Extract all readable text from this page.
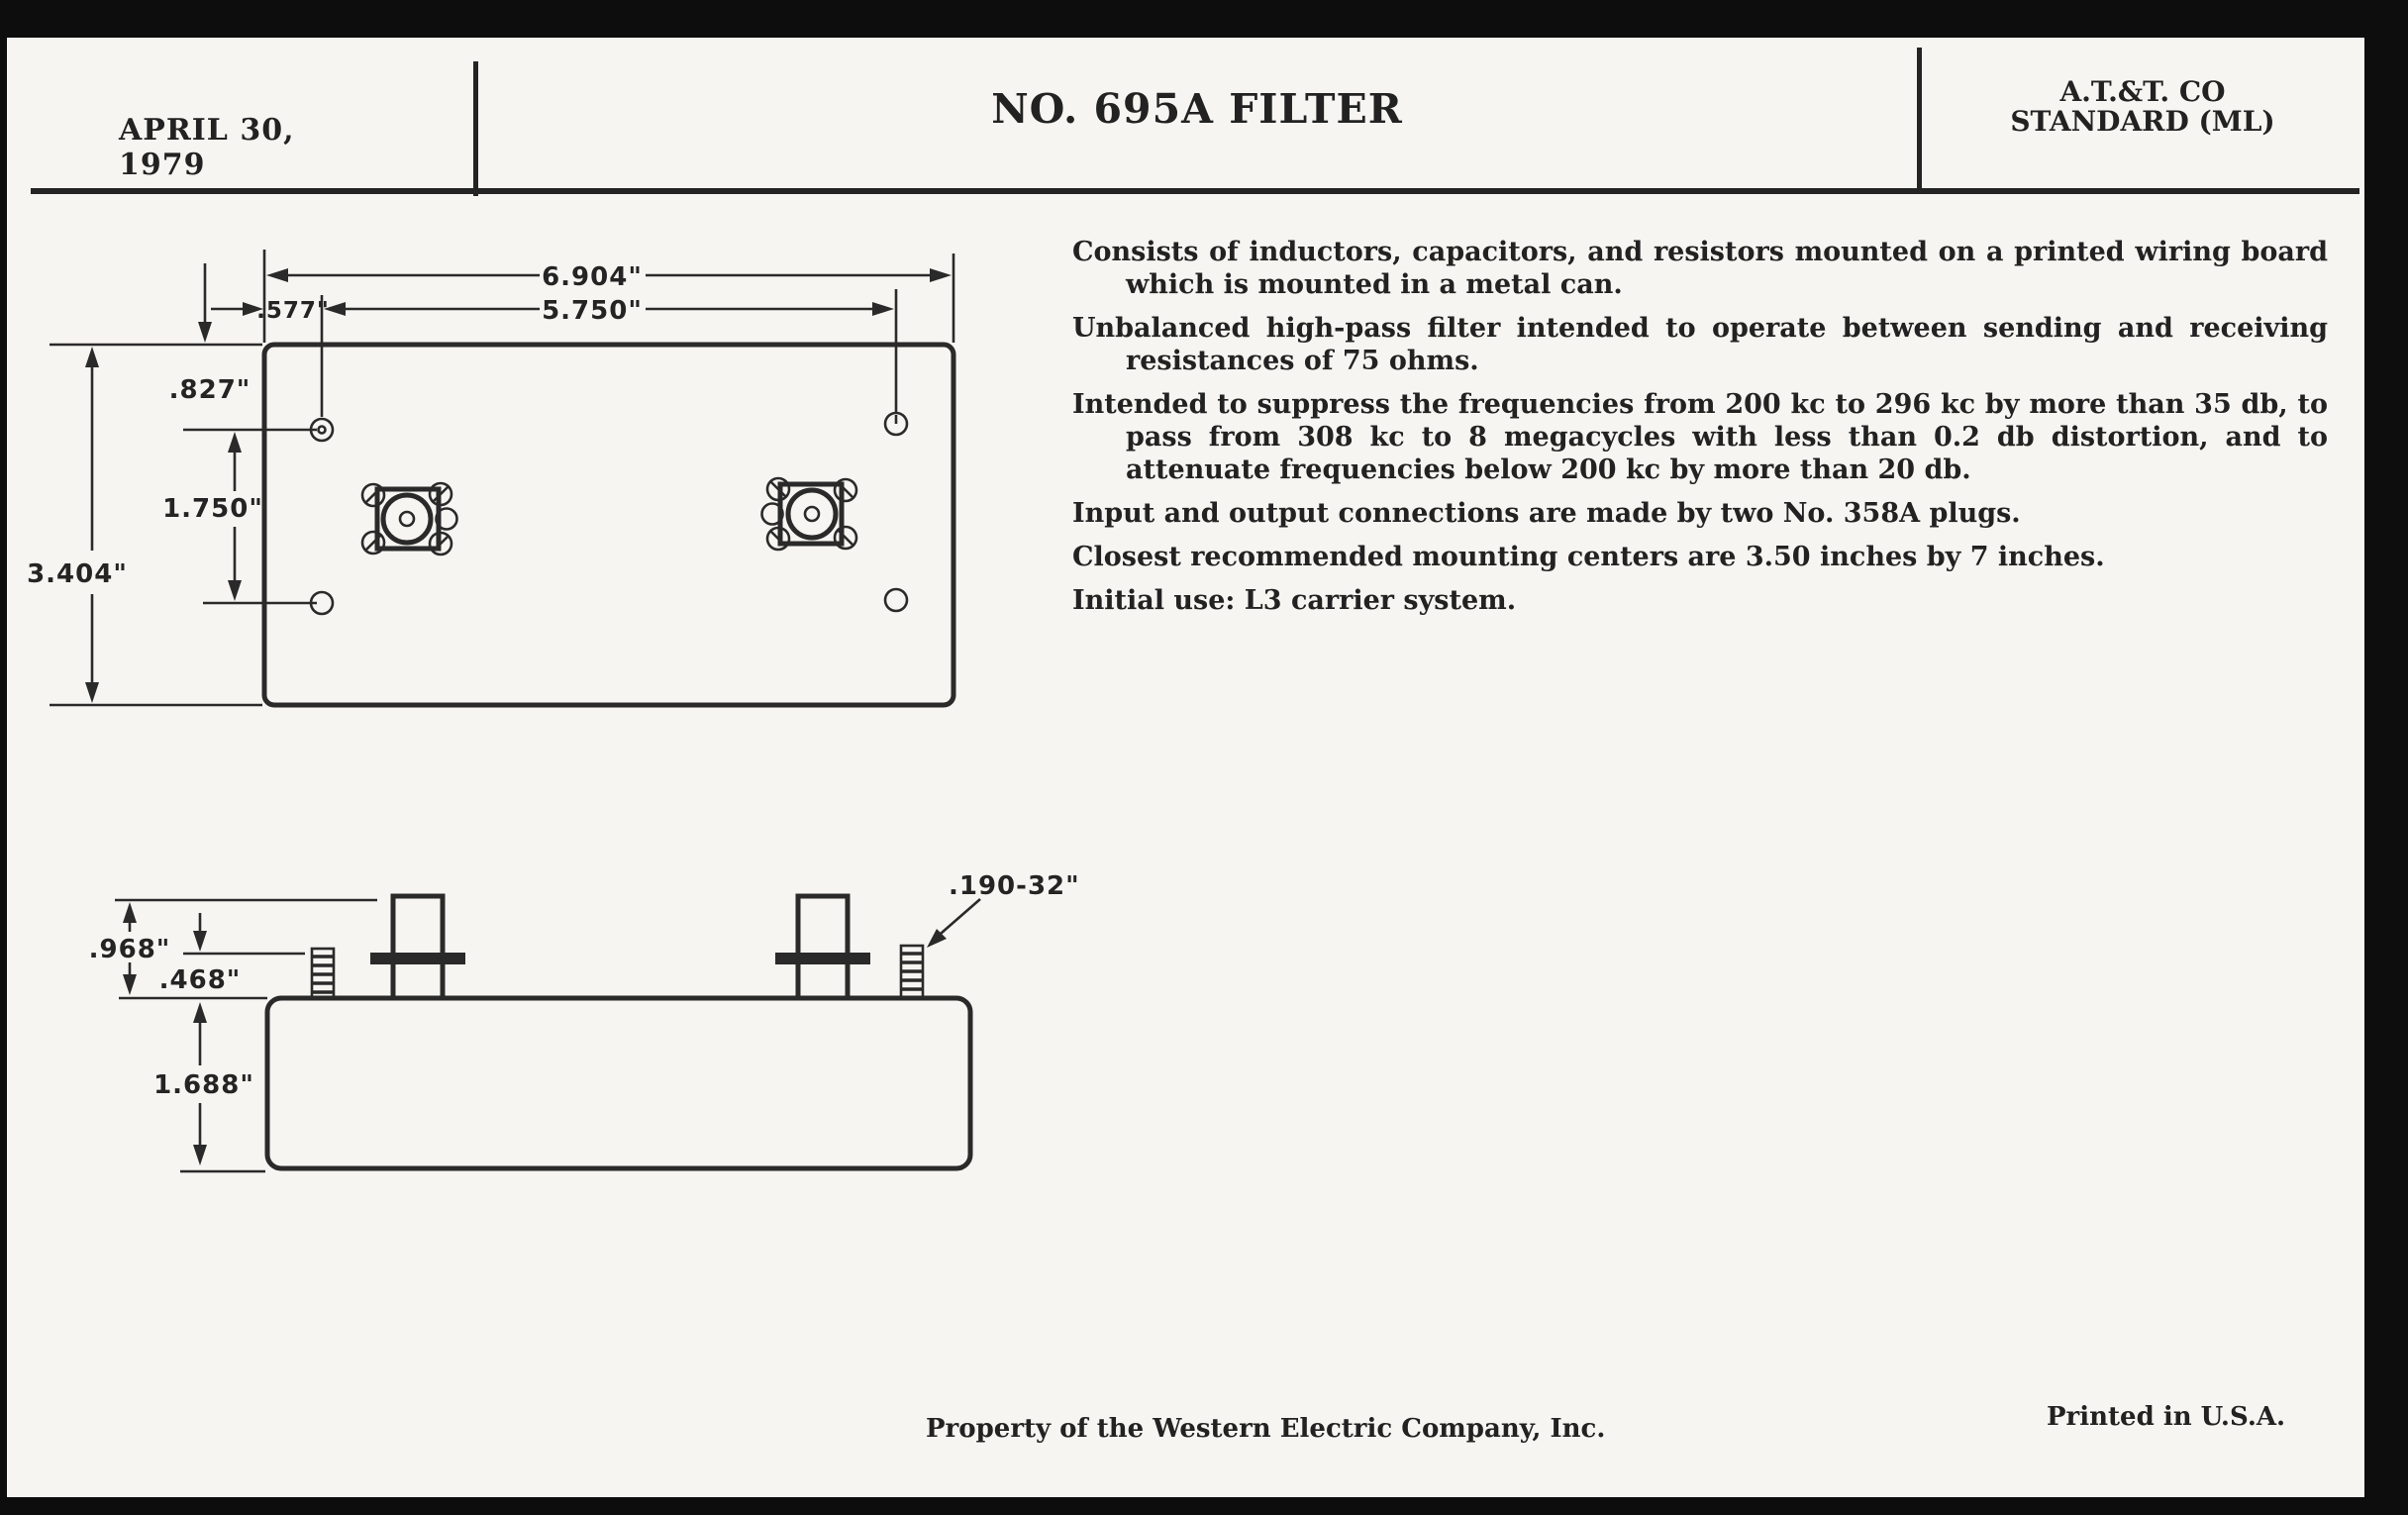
APRIL 30, 1979
NO. 695A FILTER	A.T.&T. CO
STANDARD (ML)

Consists of inductors, capacitors, and resistors mounted on a printed wiring board which is mounted in a metal can.

Unbalanced high-pass filter intended to operate between sending and receiving resistances of 75 ohms.

Intended to suppress the frequencies from 200 kc to 296 kc by more than 35 db, to pass from 308 kc to 8 megacycles with less than 0.2 db distortion, and to attenuate frequencies below 200 kc by more than 20 db.

Input and output connections are made by two No. 358A plugs.

Closest recommended mounting centers are 3.50 inches by 7 inches.

Initial use: L3 carrier system.

6.904"
5.750"
.577"
.827"
1.750"
3.404"
.968"
.468"
1.688"
.190-32"
Property of the Western Electric Company, Inc.	Printed in U.S.A.
